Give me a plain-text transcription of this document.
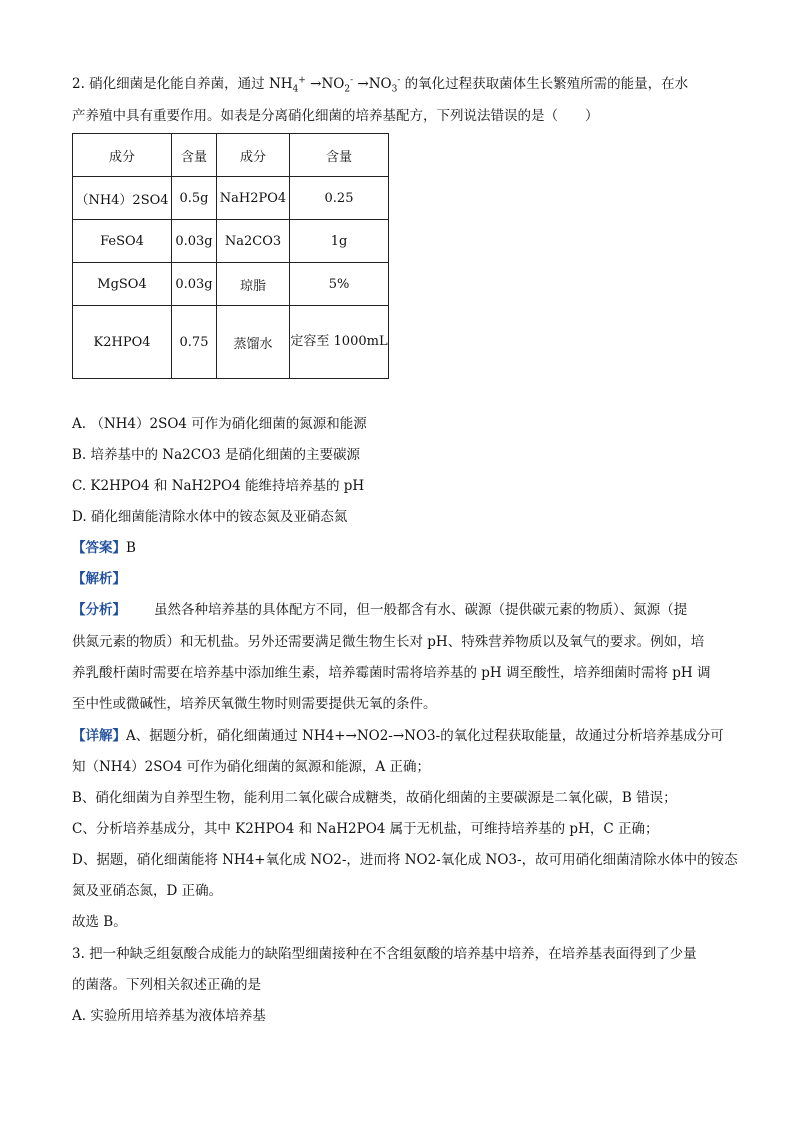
2. 硝化细菌是化能自养菌，通过 $NH_4^+ \to NO_2^- \to NO_3^-$ 的氧化过程获取菌体生长繁殖所需的能量，在水
产养殖中具有重要作用。如表是分离硝化细菌的培养基配方，下列说法错误的是（　　）
成分	含量	成分	含量
（NH4）2SO4	0.5g	NaH2PO4	0.25
FeSO4	0.03g	Na2CO3	1g
MgSO4	0.03g	琼脂	5%
K2HPO4	0.75	蒸馏水	定容至 1000mL
A. （NH4）2SO4 可作为硝化细菌的氮源和能源
B. 培养基中的 Na2CO3 是硝化细菌的主要碳源
C. K2HPO4 和 NaH2PO4 能维持培养基的 pH
D. 硝化细菌能清除水体中的铵态氮及亚硝态氮
【答案】B
【解析】
【分析】 虽然各种培养基的具体配方不同，但一般都含有水、碳源（提供碳元素的物质）、氮源（提
供氮元素的物质）和无机盐。另外还需要满足微生物生长对 pH、特殊营养物质以及氧气的要求。例如，培
养乳酸杆菌时需要在培养基中添加维生素，培养霉菌时需将培养基的 pH 调至酸性，培养细菌时需将 pH 调
至中性或微碱性，培养厌氧微生物时则需要提供无氧的条件。
【详解】A、据题分析，硝化细菌通过 NH4+→NO2-→NO3-的氧化过程获取能量，故通过分析培养基成分可
知（NH4）2SO4 可作为硝化细菌的氮源和能源，A 正确；
B、硝化细菌为自养型生物，能利用二氧化碳合成糖类，故硝化细菌的主要碳源是二氧化碳，B 错误；
C、分析培养基成分，其中 K2HPO4 和 NaH2PO4 属于无机盐，可维持培养基的 pH，C 正确；
D、据题，硝化细菌能将 NH4+氧化成 NO2-，进而将 NO2-氧化成 NO3-，故可用硝化细菌清除水体中的铵态
氮及亚硝态氮，D 正确。
故选 B。
3. 把一种缺乏组氨酸合成能力的缺陷型细菌接种在不含组氨酸的培养基中培养，在培养基表面得到了少量
的菌落。下列相关叙述正确的是
A. 实验所用培养基为液体培养基
